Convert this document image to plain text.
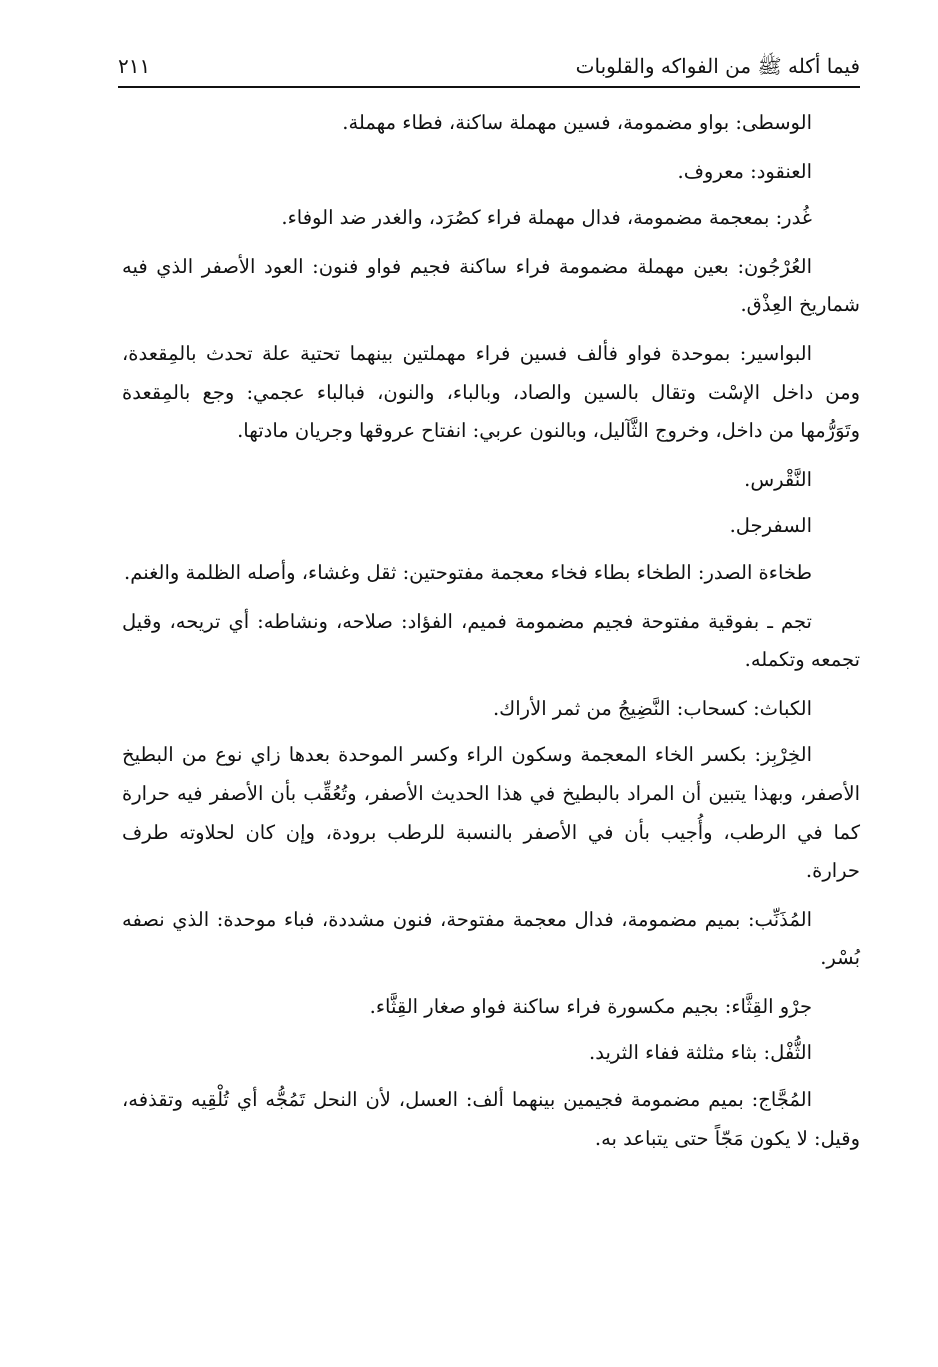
فيما أكله ﷺ من الفواكه والقلوبات
٢١١

الوسطى: بواو مضمومة، فسين مهملة ساكنة، فطاء مهملة.

العنقود: معروف.

غُدر: بمعجمة مضمومة، فدال مهملة فراء كصُرَد، والغدر ضد الوفاء.

العُرْجُون: بعين مهملة مضمومة فراء ساكنة فجيم فواو فنون: العود الأصفر الذي فيه شماريخ العِذْق.

البواسير: بموحدة فواو فألف فسين فراء مهملتين بينهما تحتية علة تحدث بالمِقعدة، ومن داخل الإسْت وتقال بالسين والصاد، وبالباء، والنون، فبالباء عجمي: وجع بالمِقعدة وتَوَرُّمها من داخل، وخروج الثَّآليل، وبالنون عربي: انفتاح عروقها وجريان مادتها.

النَّقْرس.

السفرجل.

طخاءة الصدر: الطخاء بطاء فخاء معجمة مفتوحتين: ثقل وغشاء، وأصله الظلمة والغنم.

تجم ـ بفوقية مفتوحة فجيم مضمومة فميم، الفؤاد: صلاحه، ونشاطه: أي تريحه، وقيل تجمعه وتكمله.

الكباث: كسحاب: النَّضِيجُ من ثمر الأراك.

الخِرْبِز: بكسر الخاء المعجمة وسكون الراء وكسر الموحدة بعدها زاي نوع من البطيخ الأصفر، وبهذا يتبين أن المراد بالبطيخ في هذا الحديث الأصفر، وتُعُقِّب بأن الأصفر فيه حرارة كما في الرطب، وأُجيب بأن في الأصفر بالنسبة للرطب برودة، وإن كان لحلاوته طرف حرارة.

المُذَنِّب: بميم مضمومة، فدال معجمة مفتوحة، فنون مشددة، فباء موحدة: الذي نصفه بُسْر.

جرْو القِثَّاء: بجيم مكسورة فراء ساكنة فواو صغار القِثَّاء.

الثُّفْل: بثاء مثلثة ففاء الثريد.

المُجَّاج: بميم مضمومة فجيمين بينهما ألف: العسل، لأن النحل تَمُجُّه أي تُلْقِيه وتقذفه، وقيل: لا يكون مَجّاً حتى يتباعد به.
